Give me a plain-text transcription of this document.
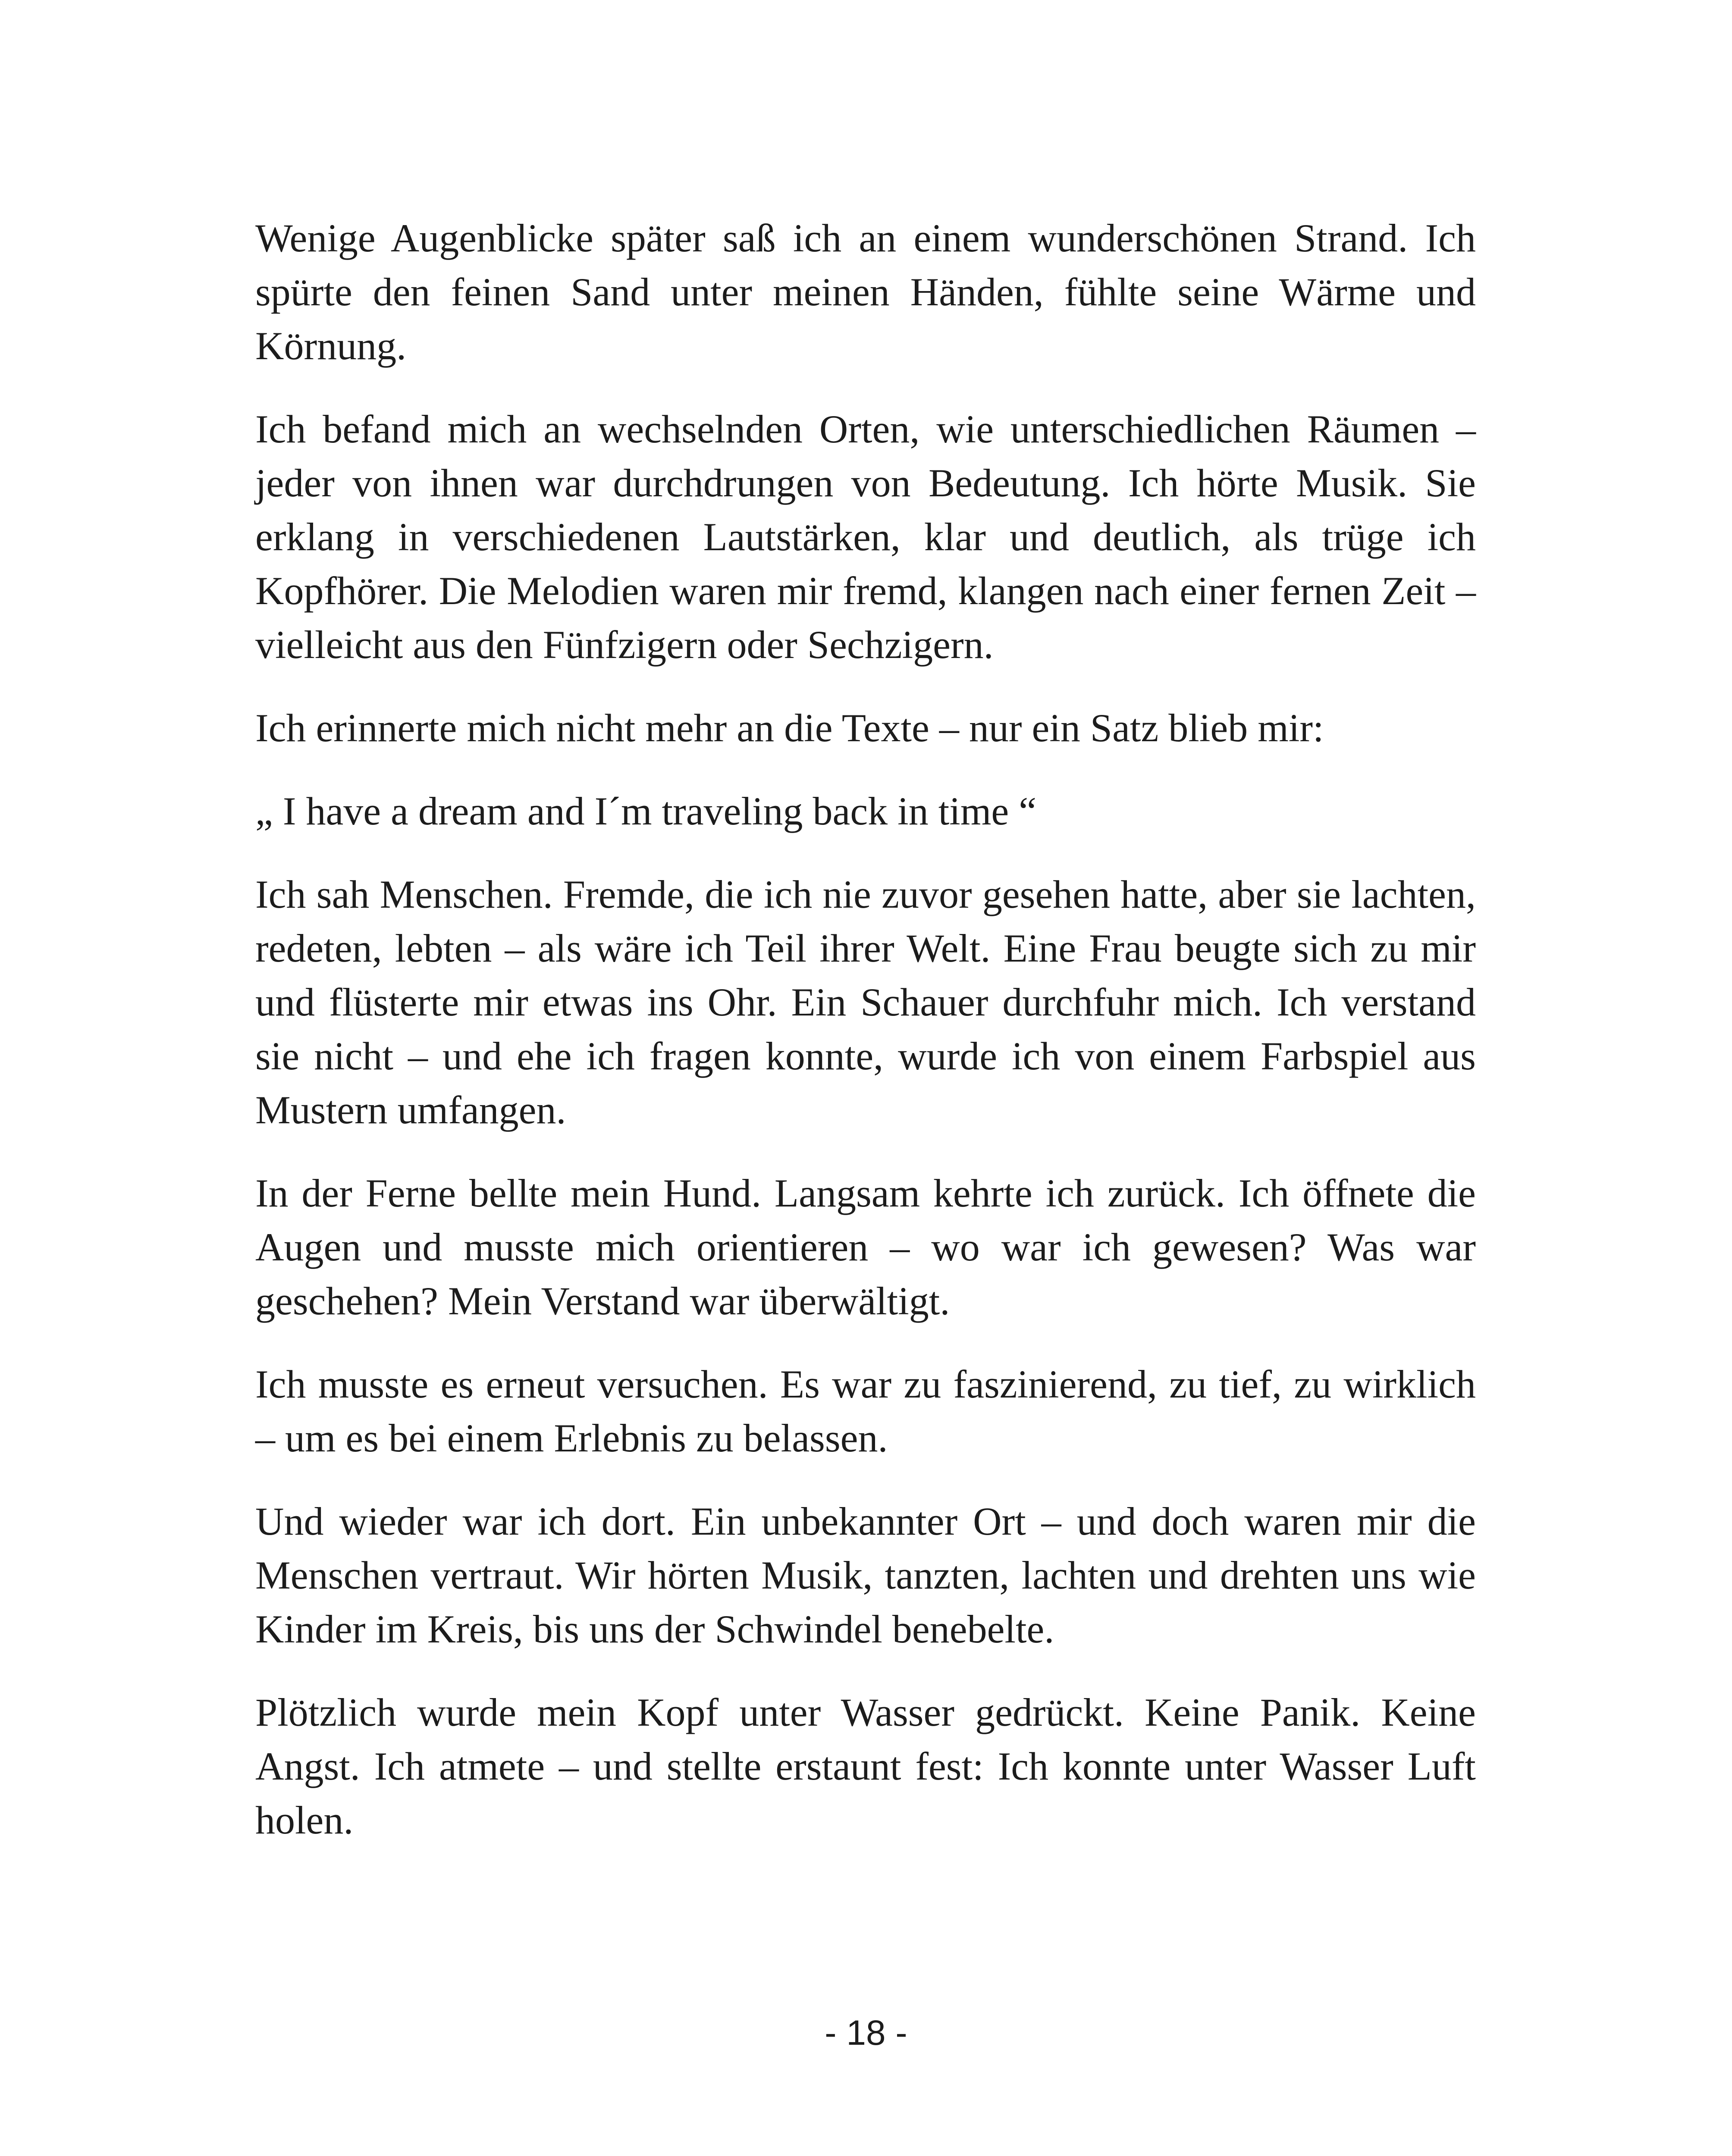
Wenige Augenblicke später saß ich an einem wunderschönen Strand. Ich spürte den feinen Sand unter meinen Händen, fühlte seine Wärme und Körnung.

Ich befand mich an wechselnden Orten, wie unterschiedlichen Räumen – jeder von ihnen war durchdrungen von Bedeutung. Ich hörte Musik. Sie erklang in verschiedenen Lautstärken, klar und deutlich, als trüge ich Kopfhörer. Die Melodien waren mir fremd, klangen nach einer fernen Zeit – vielleicht aus den Fünfzigern oder Sechzigern.

Ich erinnerte mich nicht mehr an die Texte – nur ein Satz blieb mir:

„ I have a dream and I´m traveling back in time “

Ich sah Menschen. Fremde, die ich nie zuvor gesehen hatte, aber sie lachten, redeten, lebten – als wäre ich Teil ihrer Welt. Eine Frau beugte sich zu mir und flüsterte mir etwas ins Ohr. Ein Schauer durchfuhr mich. Ich verstand sie nicht – und ehe ich fragen konnte, wurde ich von einem Farbspiel aus Mustern umfangen.

In der Ferne bellte mein Hund. Langsam kehrte ich zurück. Ich öffnete die Augen und musste mich orientieren – wo war ich gewesen? Was war geschehen? Mein Verstand war überwältigt.

Ich musste es erneut versuchen. Es war zu faszinierend, zu tief, zu wirklich – um es bei einem Erlebnis zu belassen.

Und wieder war ich dort. Ein unbekannter Ort – und doch waren mir die Menschen vertraut. Wir hörten Musik, tanzten, lachten und drehten uns wie Kinder im Kreis, bis uns der Schwindel benebelte.

Plötzlich wurde mein Kopf unter Wasser gedrückt. Keine Panik. Keine Angst. Ich atmete – und stellte erstaunt fest: Ich konnte unter Wasser Luft holen.

- 18 -
